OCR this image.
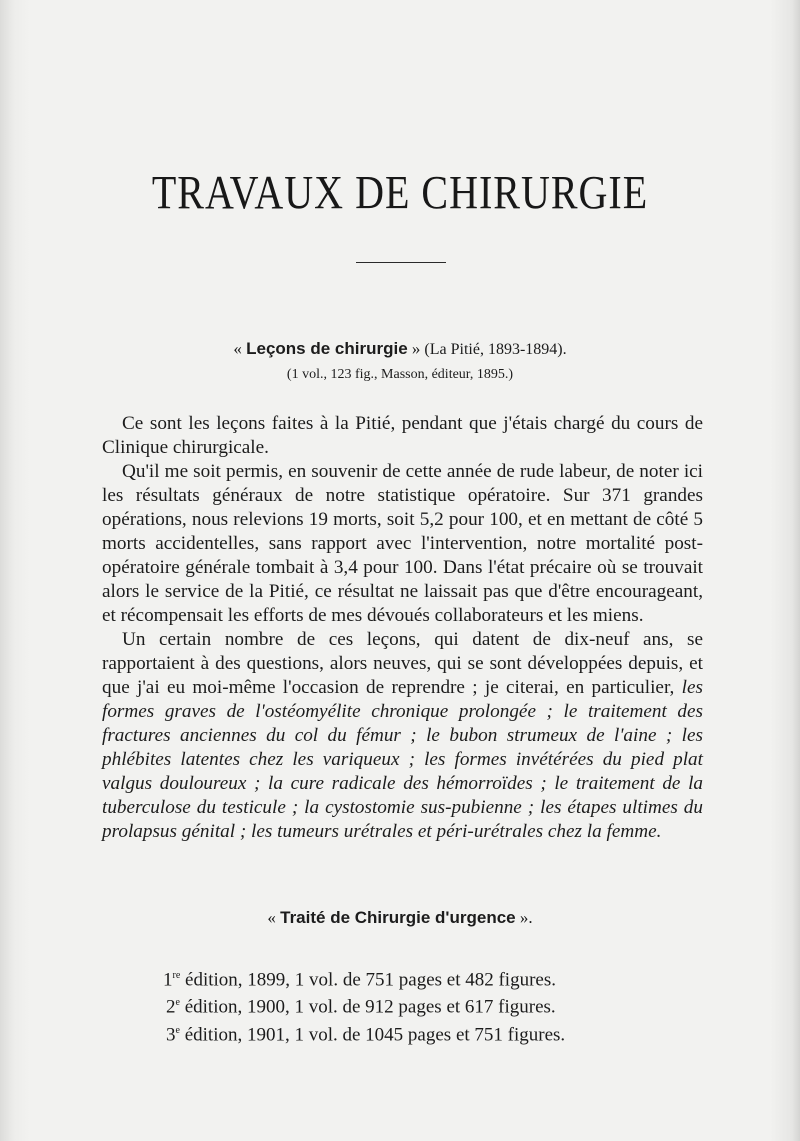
TRAVAUX DE CHIRURGIE
« Leçons de chirurgie » (La Pitié, 1893-1894).
(1 vol., 123 fig., Masson, éditeur, 1895.)

Ce sont les leçons faites à la Pitié, pendant que j'étais chargé du cours de Clinique chirurgicale.

Qu'il me soit permis, en souvenir de cette année de rude labeur, de noter ici les résultats généraux de notre statistique opératoire. Sur 371 grandes opérations, nous relevions 19 morts, soit 5,2 pour 100, et en mettant de côté 5 morts accidentelles, sans rapport avec l'intervention, notre mortalité post-opératoire générale tombait à 3,4 pour 100. Dans l'état précaire où se trouvait alors le service de la Pitié, ce résultat ne laissait pas que d'être encourageant, et récompensait les efforts de mes dévoués collaborateurs et les miens.

Un certain nombre de ces leçons, qui datent de dix-neuf ans, se rapportaient à des questions, alors neuves, qui se sont développées depuis, et que j'ai eu moi-même l'occasion de reprendre ; je citerai, en particulier, les formes graves de l'ostéomyélite chronique prolongée ; le traitement des fractures anciennes du col du fémur ; le bubon strumeux de l'aine ; les phlébites latentes chez les variqueux ; les formes invétérées du pied plat valgus douloureux ; la cure radicale des hémorroïdes ; le traitement de la tuberculose du testicule ; la cystostomie sus-pubienne ; les étapes ultimes du prolapsus génital ; les tumeurs urétrales et péri-urétrales chez la femme.

« Traité de Chirurgie d'urgence ».
1re édition, 1899, 1 vol. de 751 pages et 482 figures.
2e édition, 1900, 1 vol. de 912 pages et 617 figures.
3e édition, 1901, 1 vol. de 1045 pages et 751 figures.
